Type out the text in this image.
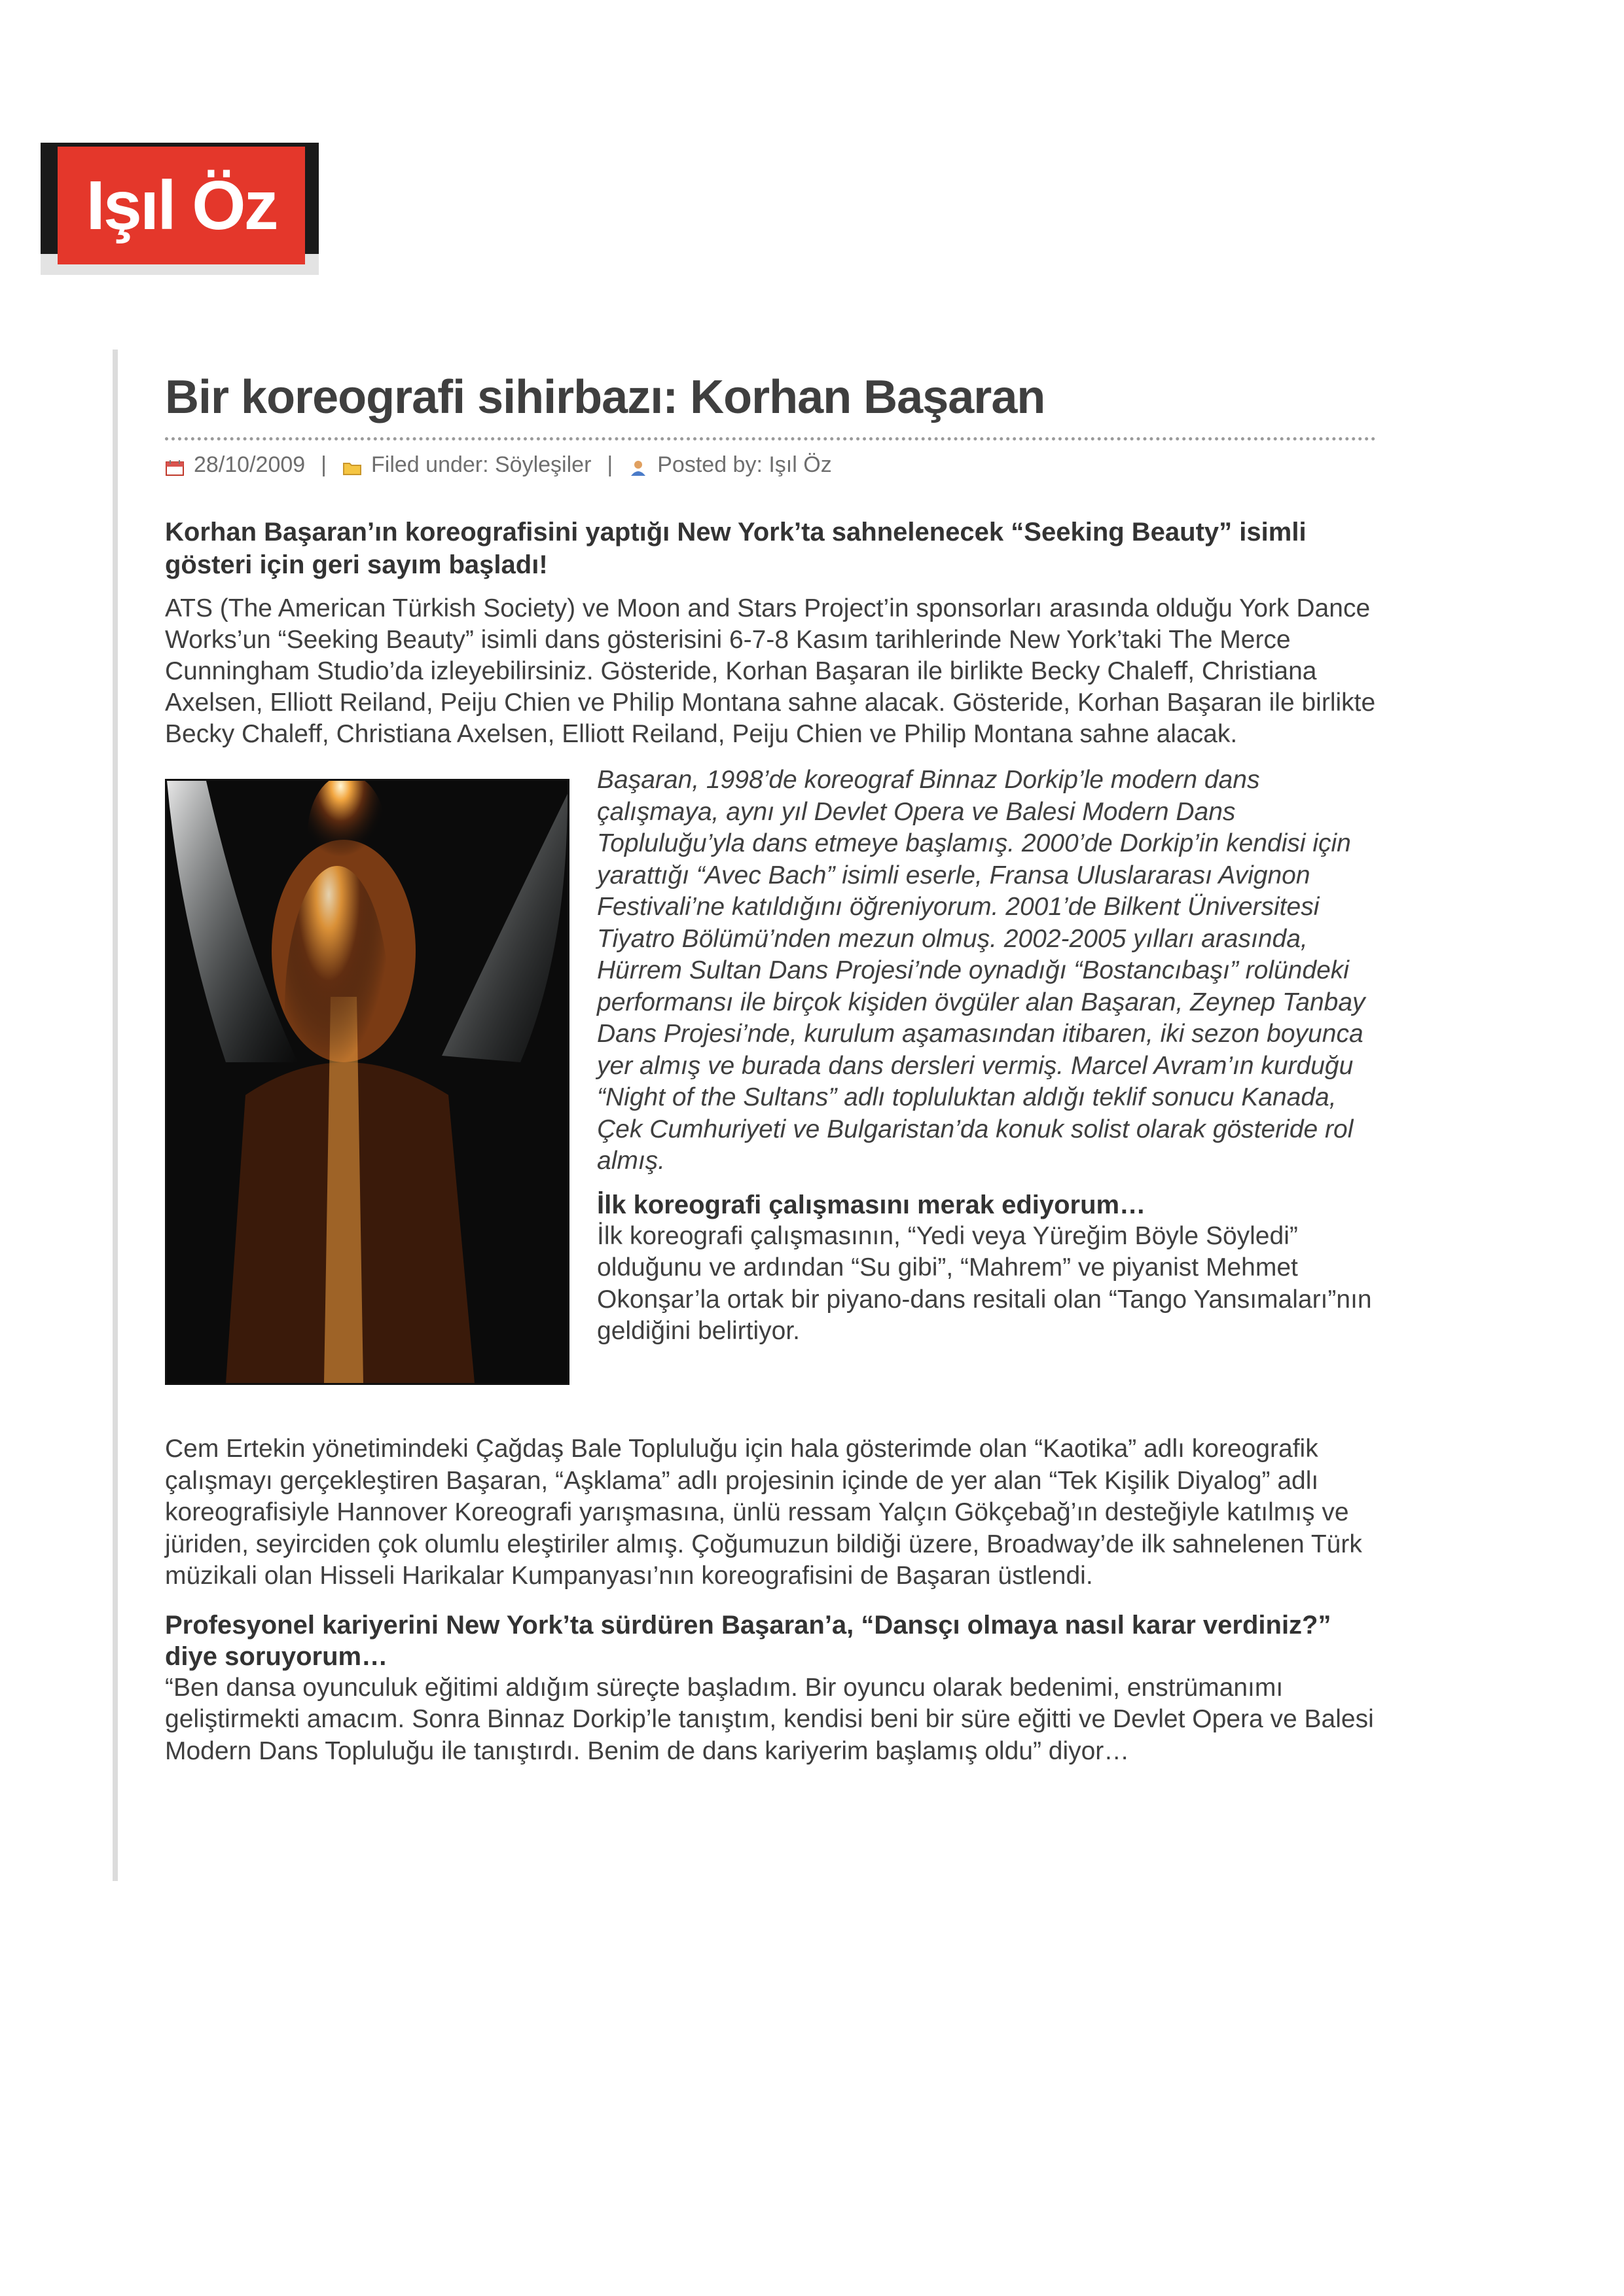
Işıl Öz
Bir koreografi sihirbazı: Korhan Başaran
28/10/2009 | Filed under: Söyleşiler | Posted by: Işıl Öz
Korhan Başaran’ın koreografisini yaptığı New York’ta sahnelenecek “Seeking Beauty” isimli gösteri için geri sayım başladı!
ATS (The American Türkish Society) ve Moon and Stars Project’in sponsorları arasında olduğu York Dance Works’un “Seeking Beauty” isimli dans gösterisini 6-7-8 Kasım tarihlerinde New York’taki The Merce Cunningham Studio’da izleyebilirsiniz. Gösteride, Korhan Başaran ile birlikte Becky Chaleff, Christiana Axelsen, Elliott Reiland, Peiju Chien ve Philip Montana sahne alacak. Gösteride, Korhan Başaran ile birlikte Becky Chaleff, Christiana Axelsen, Elliott Reiland, Peiju Chien ve Philip Montana sahne alacak.
Başaran, 1998’de koreograf Binnaz Dorkip’le modern dans çalışmaya, aynı yıl Devlet Opera ve Balesi Modern Dans Topluluğu’yla dans etmeye başlamış. 2000’de Dorkip’in kendisi için yarattığı “Avec Bach” isimli eserle, Fransa Uluslararası Avignon Festivali’ne katıldığını öğreniyorum. 2001’de Bilkent Üniversitesi Tiyatro Bölümü’nden mezun olmuş. 2002-2005 yılları arasında, Hürrem Sultan Dans Projesi’nde oynadığı “Bostancıbaşı” rolündeki performansı ile birçok kişiden övgüler alan Başaran, Zeynep Tanbay Dans Projesi’nde, kurulum aşamasından itibaren, iki sezon boyunca yer almış ve burada dans dersleri vermiş. Marcel Avram’ın kurduğu “Night of the Sultans” adlı topluluktan aldığı teklif sonucu Kanada, Çek Cumhuriyeti ve Bulgaristan’da konuk solist olarak gösteride rol almış.
İlk koreografi çalışmasını merak ediyorum…
İlk koreografi çalışmasının, “Yedi veya Yüreğim Böyle Söyledi” olduğunu ve ardından “Su gibi”, “Mahrem” ve piyanist Mehmet Okonşar’la ortak bir piyano-dans resitali olan “Tango Yansımaları”nın geldiğini belirtiyor.
Cem Ertekin yönetimindeki Çağdaş Bale Topluluğu için hala gösterimde olan “Kaotika” adlı koreografik çalışmayı gerçekleştiren Başaran, “Aşklama” adlı projesinin içinde de yer alan “Tek Kişilik Diyalog” adlı koreografisiyle Hannover Koreografi yarışmasına, ünlü ressam Yalçın Gökçebağ’ın desteğiyle katılmış ve jüriden, seyirciden çok olumlu eleştiriler almış. Çoğumuzun bildiği üzere, Broadway’de ilk sahnelenen Türk müzikali olan Hisseli Harikalar Kumpanyası’nın koreografisini de Başaran üstlendi.
Profesyonel kariyerini New York’ta sürdüren Başaran’a, “Dansçı olmaya nasıl karar verdiniz?” diye soruyorum…
“Ben dansa oyunculuk eğitimi aldığım süreçte başladım. Bir oyuncu olarak bedenimi, enstrümanımı geliştirmekti amacım. Sonra Binnaz Dorkip’le tanıştım, kendisi beni bir süre eğitti ve Devlet Opera ve Balesi Modern Dans Topluluğu ile tanıştırdı. Benim de dans kariyerim başlamış oldu” diyor…
